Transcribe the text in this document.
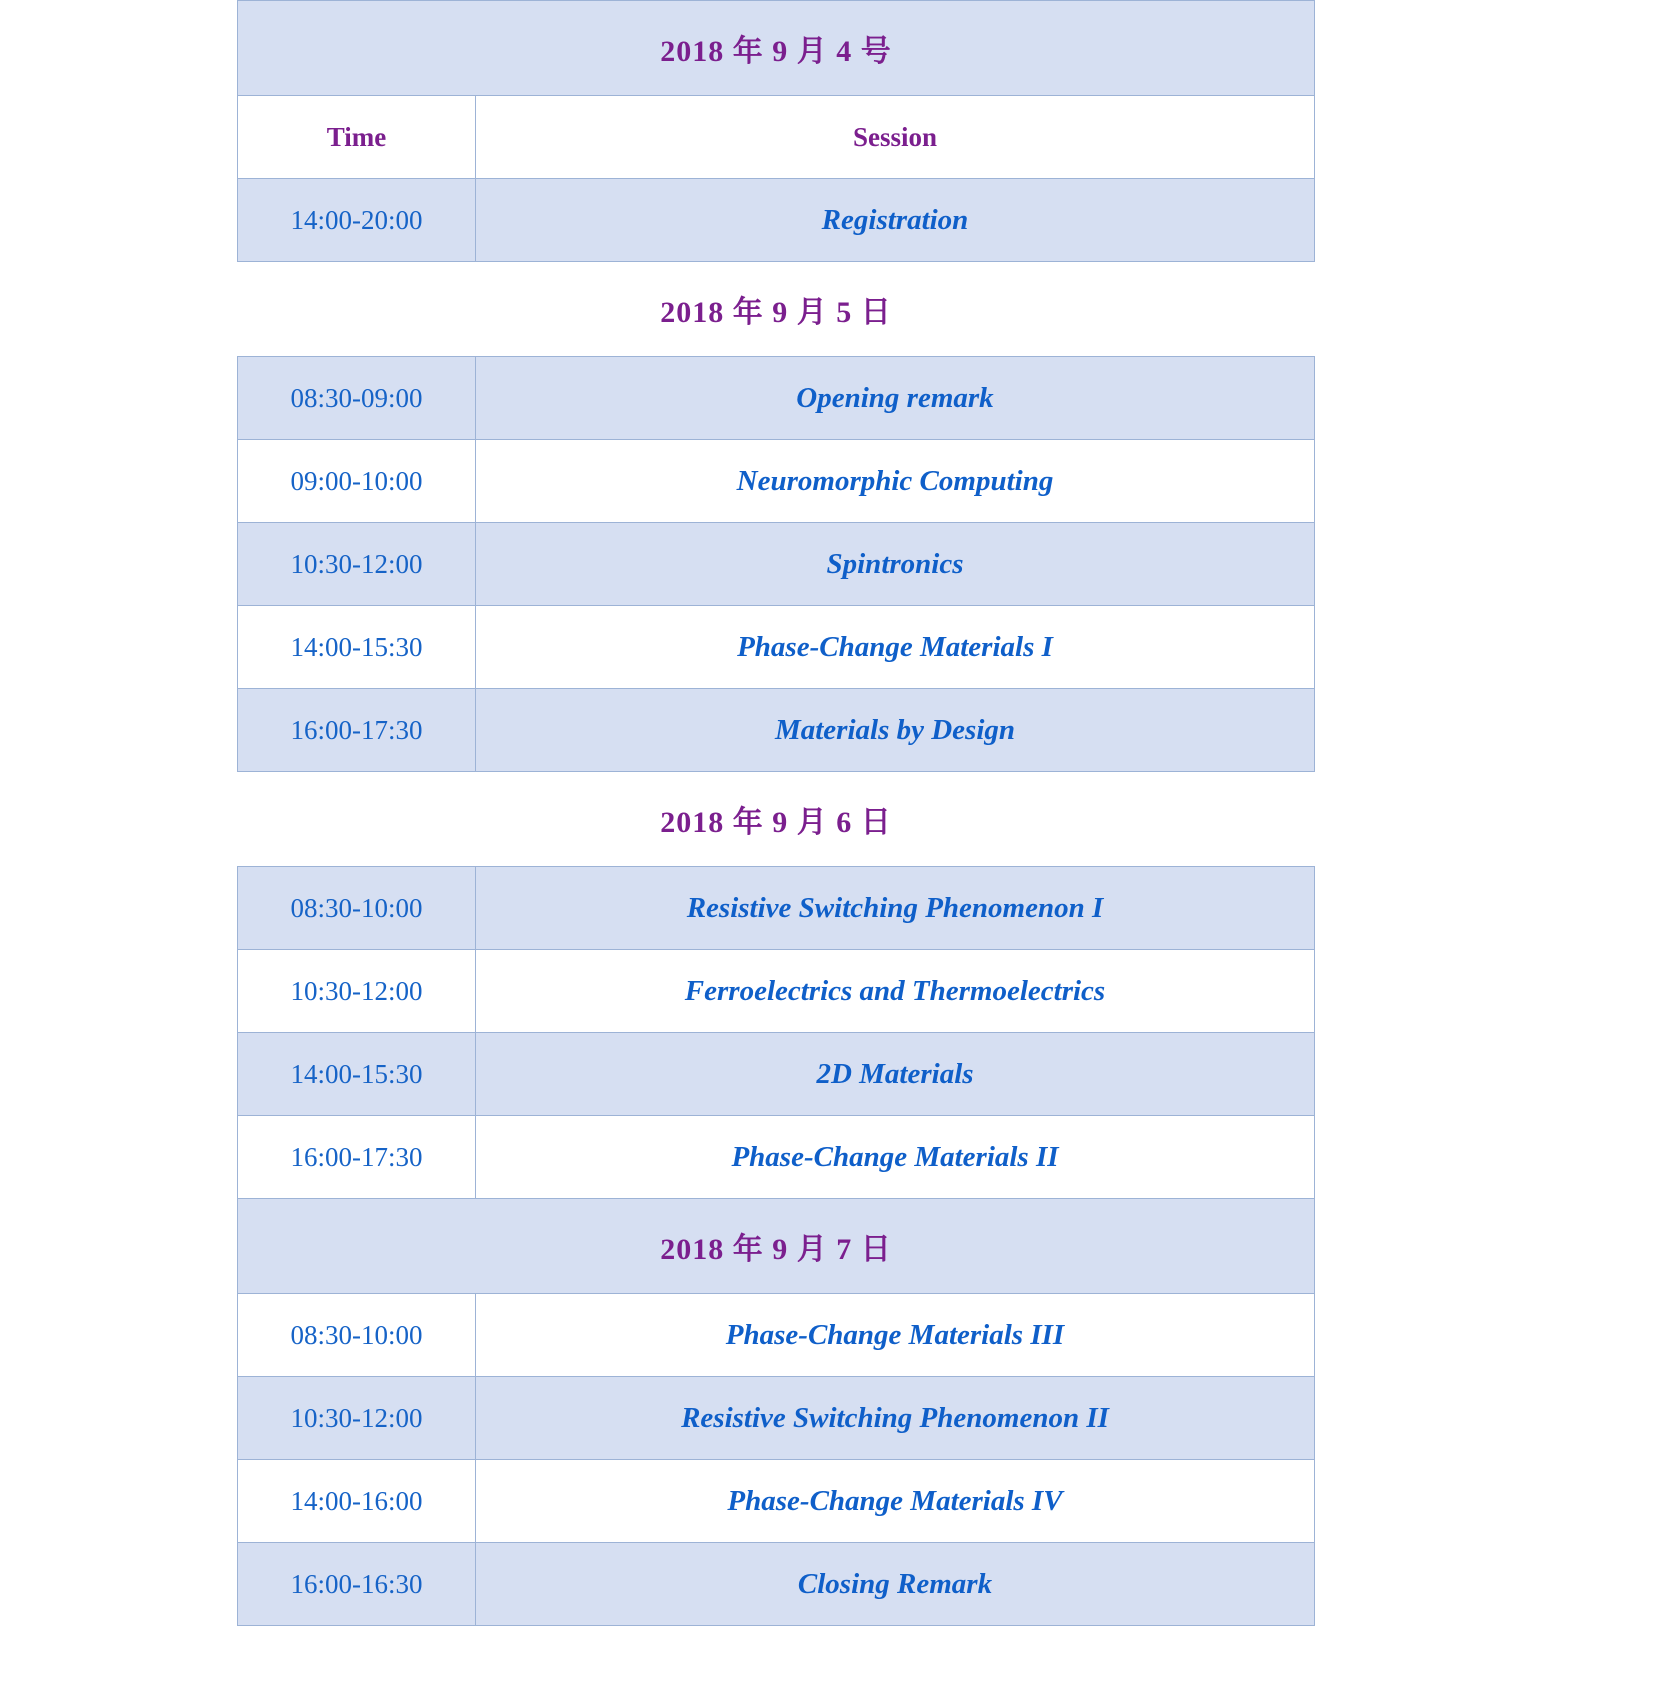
2018 年 9 月 4 号	
Time	Session
14:00-20:00	Registration
2018 年 9 月 5 日	
08:30-09:00	Opening remark
09:00-10:00	Neuromorphic Computing
10:30-12:00	Spintronics
14:00-15:30	Phase-Change Materials I
16:00-17:30	Materials by Design
2018 年 9 月 6 日	
08:30-10:00	Resistive Switching Phenomenon I
10:30-12:00	Ferroelectrics and Thermoelectrics
14:00-15:30	2D Materials
16:00-17:30	Phase-Change Materials II
2018 年 9 月 7 日	
08:30-10:00	Phase-Change Materials III
10:30-12:00	Resistive Switching Phenomenon II
14:00-16:00	Phase-Change Materials IV
16:00-16:30	Closing Remark
